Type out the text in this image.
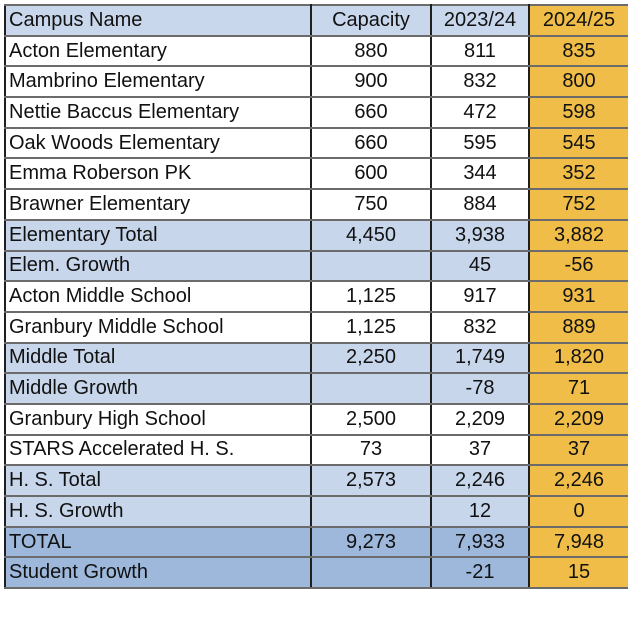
Campus Name	Capacity	2023/24	2024/25
Acton Elementary	880	811	835
Mambrino Elementary	900	832	800
Nettie Baccus Elementary	660	472	598
Oak Woods Elementary	660	595	545
Emma Roberson PK	600	344	352
Brawner Elementary	750	884	752
Elementary Total	4,450	3,938	3,882
Elem. Growth		45	-56
Acton Middle School	1,125	917	931
Granbury Middle School	1,125	832	889
Middle Total	2,250	1,749	1,820
Middle Growth		-78	71
Granbury High School	2,500	2,209	2,209
STARS Accelerated H. S.	73	37	37
H. S. Total	2,573	2,246	2,246
H. S. Growth		12	0
TOTAL	9,273	7,933	7,948
Student Growth		-21	15
